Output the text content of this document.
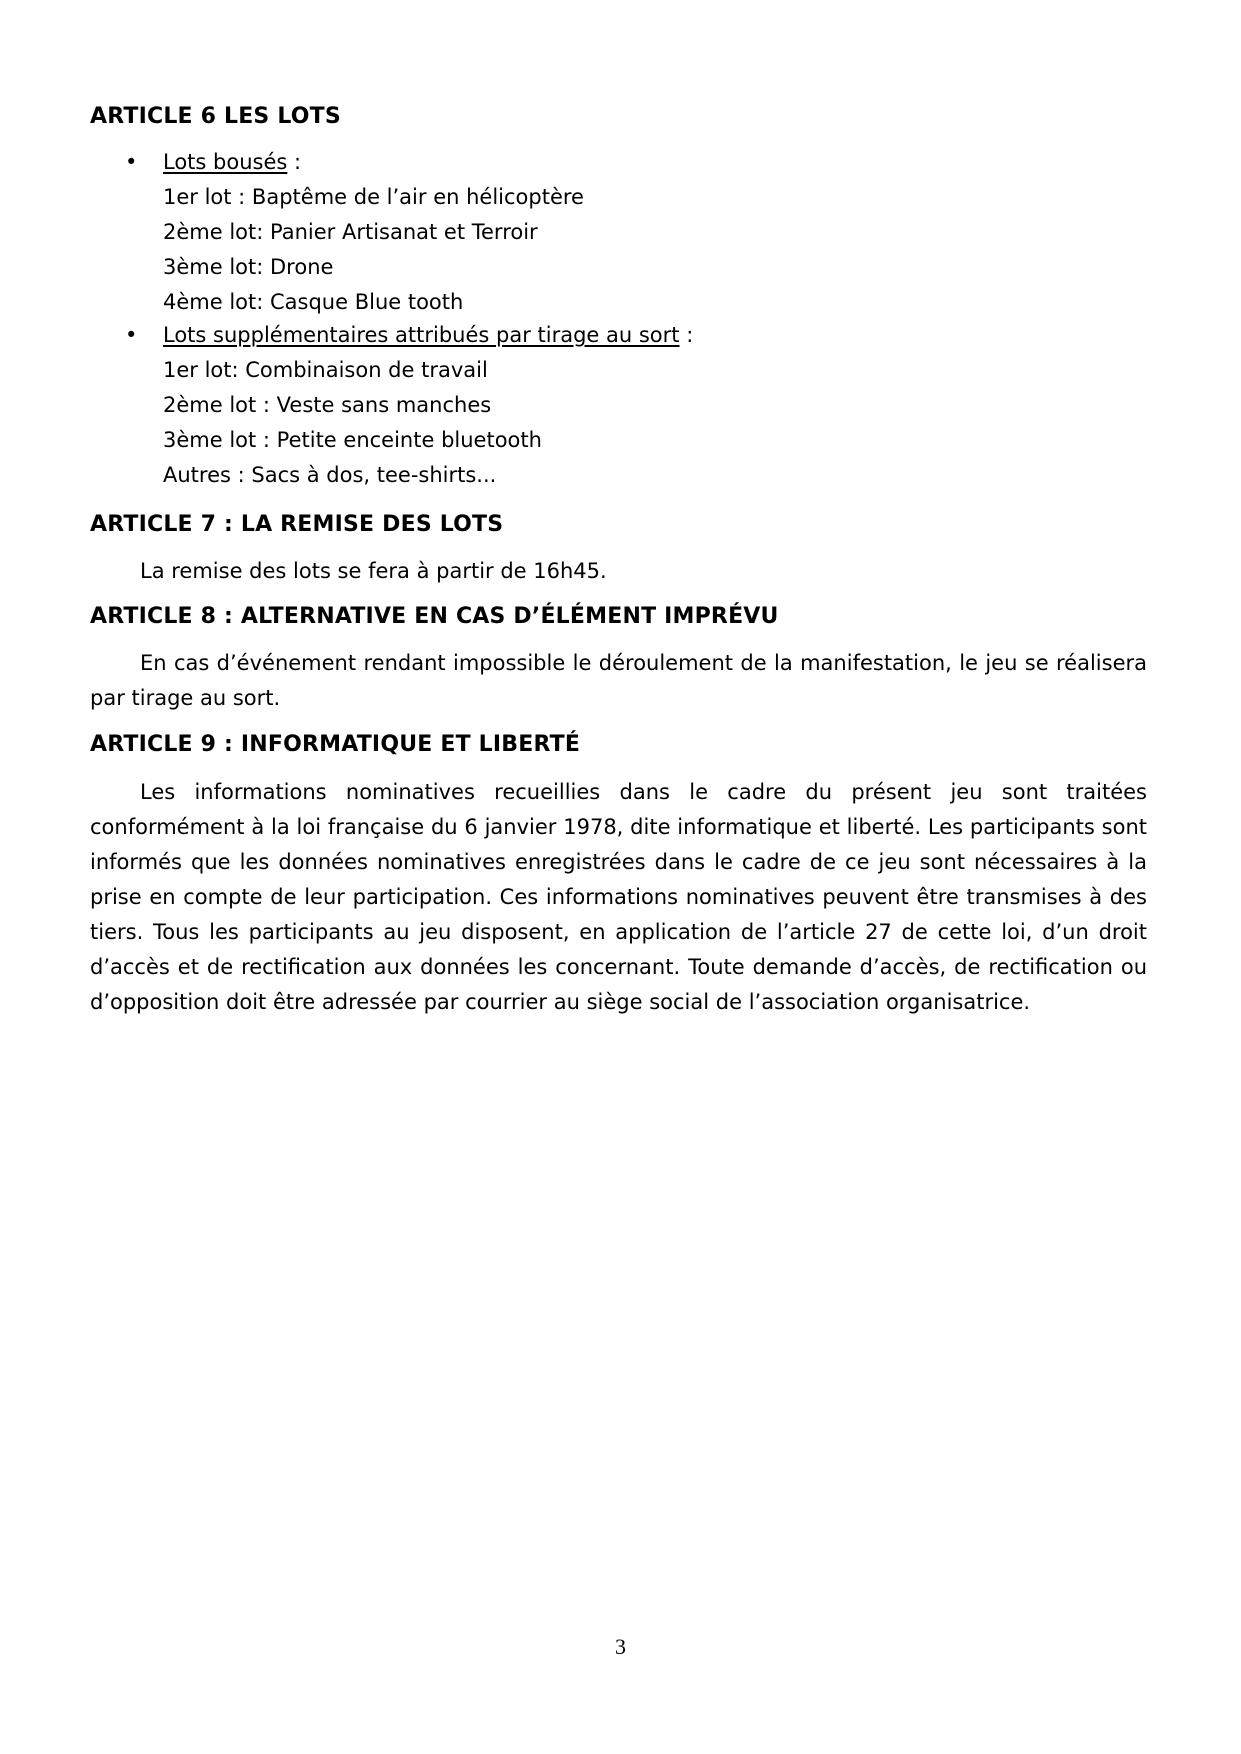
ARTICLE 6 LES LOTS
• Lots bousés :
1er lot : Baptême de l’air en hélicoptère
2ème lot: Panier Artisanat et Terroir
3ème lot: Drone
4ème lot: Casque Blue tooth
• Lots supplémentaires attribués par tirage au sort :
1er lot: Combinaison de travail
2ème lot : Veste sans manches
3ème lot : Petite enceinte bluetooth
Autres : Sacs à dos, tee-shirts...
ARTICLE 7 : LA REMISE DES LOTS
La remise des lots se fera à partir de 16h45.
ARTICLE 8 : ALTERNATIVE EN CAS D’ÉLÉMENT IMPRÉVU

En cas d’événement rendant impossible le déroulement de la manifestation, le jeu se réalisera par tirage au sort.

ARTICLE 9 : INFORMATIQUE ET LIBERTÉ

Les informations nominatives recueillies dans le cadre du présent jeu sont traitées conformément à la loi française du 6 janvier 1978, dite informatique et liberté. Les participants sont informés que les données nominatives enregistrées dans le cadre de ce jeu sont nécessaires à la prise en compte de leur participation. Ces informations nominatives peuvent être transmises à des tiers. Tous les participants au jeu disposent, en application de l’article 27 de cette loi, d’un droit d’accès et de rectification aux données les concernant. Toute demande d’accès, de rectification ou d’opposition doit être adressée par courrier au siège social de l’association organisatrice.

3
